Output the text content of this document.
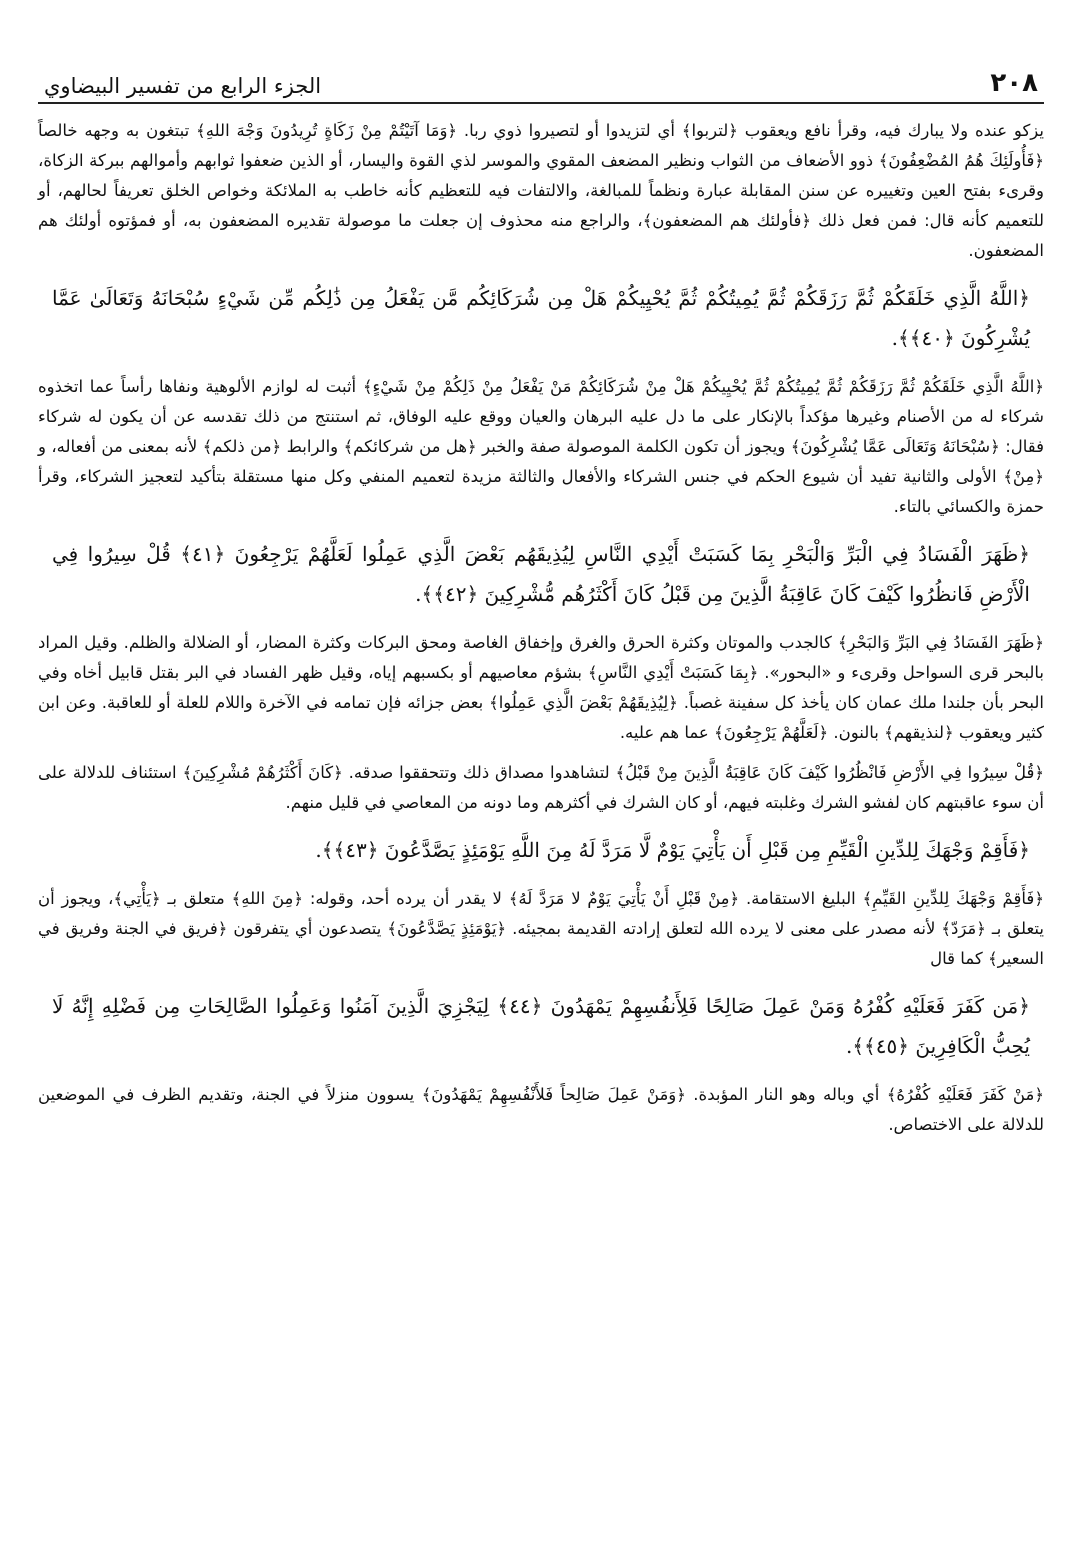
٢٠٨
الجزء الرابع من تفسير البيضاوي

يزكو عنده ولا يبارك فيه، وقرأ نافع ويعقوب ﴿لتربوا﴾ أي لتزيدوا أو لتصيروا ذوي ربا. ﴿وَمَا آتَيْتُمْ مِنْ زَكَاةٍ تُرِيدُونَ وَجْهَ اللهِ﴾ تبتغون به وجهه خالصاً ﴿فَأُولَئِكَ هُمُ المُضْعِفُونَ﴾ ذوو الأضعاف من الثواب ونظير المضعف المقوي والموسر لذي القوة واليسار، أو الذين ضعفوا ثوابهم وأموالهم ببركة الزكاة، وقرىء بفتح العين وتغييره عن سنن المقابلة عبارة ونظماً للمبالغة، والالتفات فيه للتعظيم كأنه خاطب به الملائكة وخواص الخلق تعريفاً لحالهم، أو للتعميم كأنه قال: فمن فعل ذلك ﴿فأولئك هم المضعفون﴾، والراجع منه محذوف إن جعلت ما موصولة تقديره المضعفون به، أو فمؤتوه أولئك هم المضعفون.

﴿اللَّهُ الَّذِي خَلَقَكُمْ ثُمَّ رَزَقَكُمْ ثُمَّ يُمِيتُكُمْ ثُمَّ يُحْيِيكُمْ هَلْ مِن شُرَكَائِكُم مَّن يَفْعَلُ مِن ذَٰلِكُم مِّن شَيْءٍ سُبْحَانَهُ وَتَعَالَىٰ عَمَّا يُشْرِكُونَ ﴿٤٠﴾﴾.

﴿اللَّهُ الَّذِي خَلَقَكُمْ ثُمَّ رَزَقَكُمْ ثُمَّ يُمِيتُكُمْ ثُمَّ يُحْيِيكُمْ هَلْ مِنْ شُرَكَائِكُمْ مَنْ يَفْعَلُ مِنْ ذَلِكُمْ مِنْ شَيْءٍ﴾ أثبت له لوازم الألوهية ونفاها رأساً عما اتخذوه شركاء له من الأصنام وغيرها مؤكداً بالإنكار على ما دل عليه البرهان والعيان ووقع عليه الوفاق، ثم استنتج من ذلك تقدسه عن أن يكون له شركاء فقال: ﴿سُبْحَانَهُ وَتَعَالَى عَمَّا يُشْرِكُونَ﴾ ويجوز أن تكون الكلمة الموصولة صفة والخبر ﴿هل من شركائكم﴾ والرابط ﴿من ذلكم﴾ لأنه بمعنى من أفعاله، و ﴿مِنْ﴾ الأولى والثانية تفيد أن شيوع الحكم في جنس الشركاء والأفعال والثالثة مزيدة لتعميم المنفي وكل منها مستقلة بتأكيد لتعجيز الشركاء، وقرأ حمزة والكسائي بالتاء.

﴿ظَهَرَ الْفَسَادُ فِي الْبَرِّ وَالْبَحْرِ بِمَا كَسَبَتْ أَيْدِي النَّاسِ لِيُذِيقَهُم بَعْضَ الَّذِي عَمِلُوا لَعَلَّهُمْ يَرْجِعُونَ ﴿٤١﴾ قُلْ سِيرُوا فِي الْأَرْضِ فَانظُرُوا كَيْفَ كَانَ عَاقِبَةُ الَّذِينَ مِن قَبْلُ كَانَ أَكْثَرُهُم مُّشْرِكِينَ ﴿٤٢﴾﴾.

﴿ظَهَرَ الفَسَادُ فِي البَرِّ وَالبَحْرِ﴾ كالجدب والموتان وكثرة الحرق والغرق وإخفاق الغاصة ومحق البركات وكثرة المضار، أو الضلالة والظلم. وقيل المراد بالبحر قرى السواحل وقرىء و «البحور». ﴿بِمَا كَسَبَتْ أَيْدِي النَّاسِ﴾ بشؤم معاصيهم أو بكسبهم إياه، وقيل ظهر الفساد في البر بقتل قابيل أخاه وفي البحر بأن جلندا ملك عمان كان يأخذ كل سفينة غصباً. ﴿لِيُذِيقَهُمْ بَعْضَ الَّذِي عَمِلُوا﴾ بعض جزائه فإن تمامه في الآخرة واللام للعلة أو للعاقبة. وعن ابن كثير ويعقوب ﴿لنذيقهم﴾ بالنون. ﴿لَعَلَّهُمْ يَرْجِعُونَ﴾ عما هم عليه.

﴿قُلْ سِيرُوا فِي الأَرْضِ فَانْظُرُوا كَيْفَ كَانَ عَاقِبَةُ الَّذِينَ مِنْ قَبْلُ﴾ لتشاهدوا مصداق ذلك وتتحققوا صدقه. ﴿كَانَ أَكْثَرُهُمْ مُشْرِكِينَ﴾ استئناف للدلالة على أن سوء عاقبتهم كان لفشو الشرك وغلبته فيهم، أو كان الشرك في أكثرهم وما دونه من المعاصي في قليل منهم.

﴿فَأَقِمْ وَجْهَكَ لِلدِّينِ الْقَيِّمِ مِن قَبْلِ أَن يَأْتِيَ يَوْمٌ لَّا مَرَدَّ لَهُ مِنَ اللَّهِ يَوْمَئِذٍ يَصَّدَّعُونَ ﴿٤٣﴾﴾.

﴿فَأَقِمْ وَجْهَكَ لِلدِّينِ القَيِّمِ﴾ البليغ الاستقامة. ﴿مِنْ قَبْلِ أَنْ يَأْتِيَ يَوْمٌ لا مَرَدَّ لَهُ﴾ لا يقدر أن يرده أحد، وقوله: ﴿مِنَ اللهِ﴾ متعلق بـ ﴿يَأْتِي﴾، ويجوز أن يتعلق بـ ﴿مَرَدّ﴾ لأنه مصدر على معنى لا يرده الله لتعلق إرادته القديمة بمجيئه. ﴿يَوْمَئِذٍ يَصَّدَّعُونَ﴾ يتصدعون أي يتفرقون ﴿فريق في الجنة وفريق في السعير﴾ كما قال

﴿مَن كَفَرَ فَعَلَيْهِ كُفْرُهُ وَمَنْ عَمِلَ صَالِحًا فَلِأَنفُسِهِمْ يَمْهَدُونَ ﴿٤٤﴾ لِيَجْزِيَ الَّذِينَ آمَنُوا وَعَمِلُوا الصَّالِحَاتِ مِن فَضْلِهِ إِنَّهُ لَا يُحِبُّ الْكَافِرِينَ ﴿٤٥﴾﴾.

﴿مَنْ كَفَرَ فَعَلَيْهِ كُفْرُهُ﴾ أي وباله وهو النار المؤبدة. ﴿وَمَنْ عَمِلَ صَالِحاً فَلأَنْفُسِهِمْ يَمْهَدُونَ﴾ يسوون منزلاً في الجنة، وتقديم الظرف في الموضعين للدلالة على الاختصاص.
